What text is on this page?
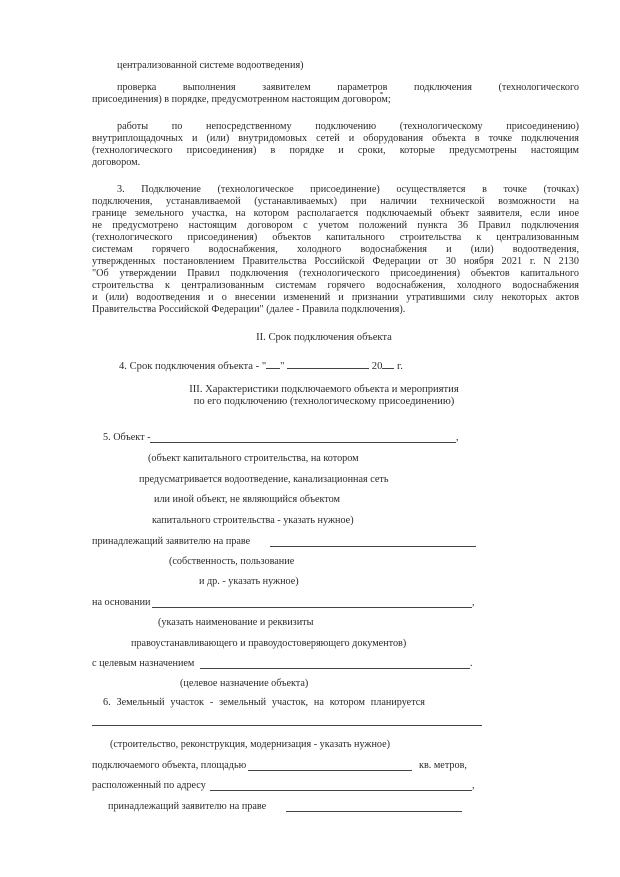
централизованной системе водоотведения)
проверка выполнения заявителем параметров подключения (технологического
присоединения) в порядке, предусмотренном настоящим договором;
работы по непосредственному подключению (технологическому присоединению)
внутриплощадочных и (или) внутридомовых сетей и оборудования объекта в точке подключения
(технологического присоединения) в порядке и сроки, которые предусмотрены настоящим
договором.
3. Подключение (технологическое присоединение) осуществляется в точке (точках)
подключения, устанавливаемой (устанавливаемых) при наличии технической возможности на
границе земельного участка, на котором располагается подключаемый объект заявителя, если иное
не предусмотрено настоящим договором с учетом положений пункта 36 Правил подключения
(технологического присоединения) объектов капитального строительства к централизованным
системам горячего водоснабжения, холодного водоснабжения и (или) водоотведения,
утвержденных постановлением Правительства Российской Федерации от 30 ноября 2021 г. N 2130
"Об утверждении Правил подключения (технологического присоединения) объектов капитального
строительства к централизованным системам горячего водоснабжения, холодного водоснабжения
и (или) водоотведения и о внесении изменений и признании утратившими силу некоторых актов
Правительства Российской Федерации" (далее - Правила подключения).
II. Срок подключения объекта
4. Срок подключения объекта - " "	20 г.
III. Характеристики подключаемого объекта и мероприятия
по его подключению (технологическому присоединению)
5. Объект -	,
(объект капитального строительства, на котором
предусматривается водоотведение, канализационная сеть
или иной объект, не являющийся объектом
капитального строительства - указать нужное)
принадлежащий заявителю на праве
(собственность, пользование
и др. - указать нужное)
на основании	,
(указать наименование и реквизиты
правоустанавливающего и правоудостоверяющего документов)
с целевым назначением	.
(целевое назначение объекта)
6. Земельный участок - земельный участок, на котором планируется
(строительство, реконструкция, модернизация - указать нужное)
подключаемого объекта, площадью	кв. метров,
расположенный по адресу	,
принадлежащий заявителю на праве
